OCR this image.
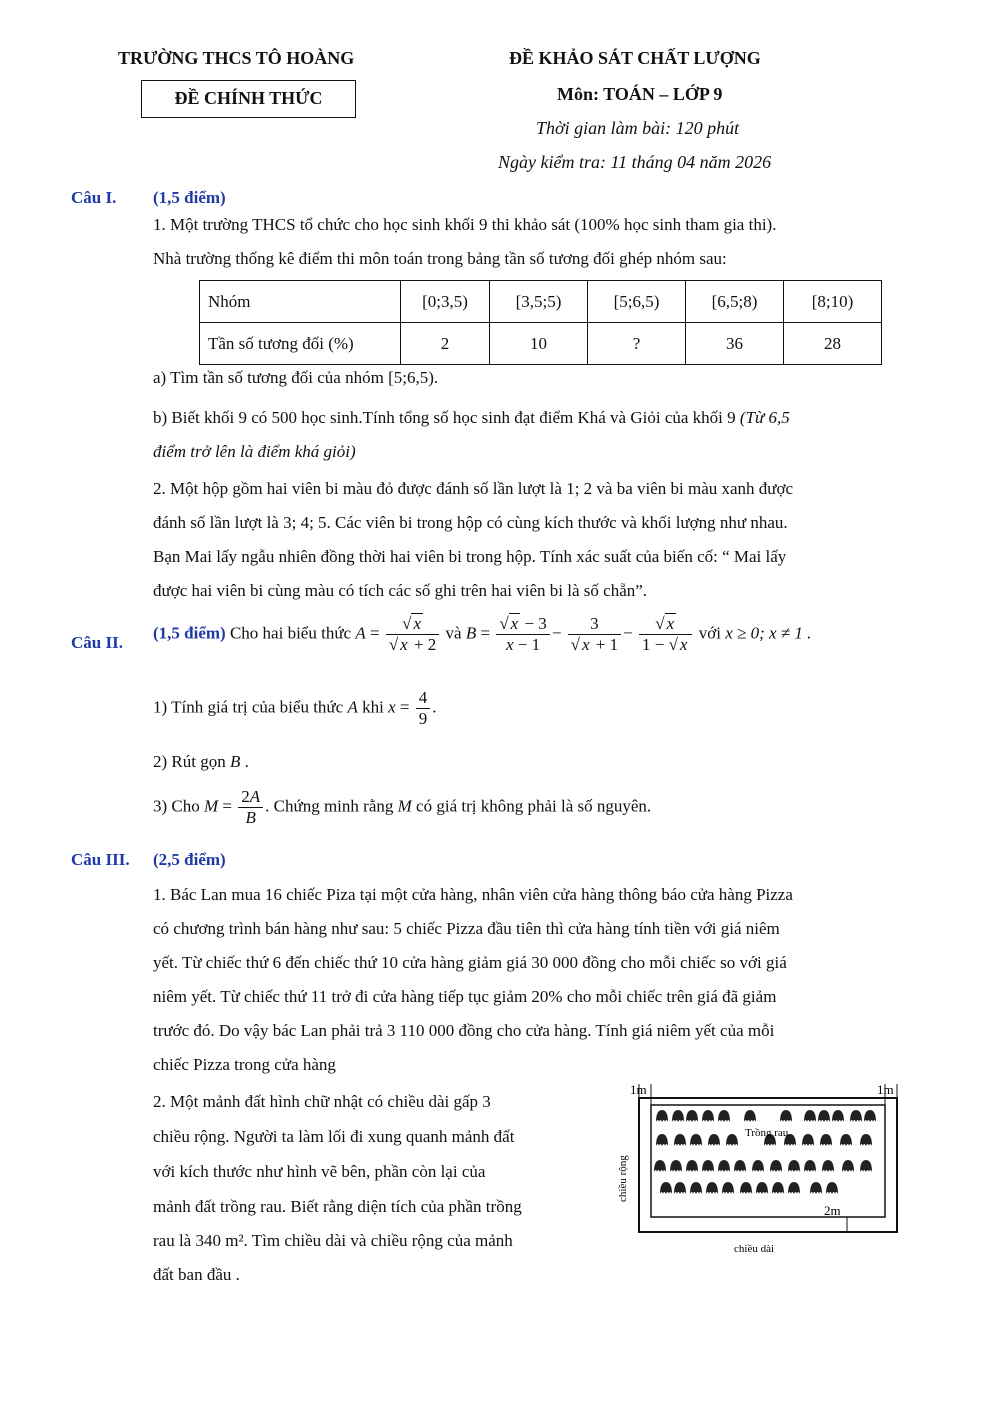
TRƯỜNG THCS TÔ HOÀNG
ĐỀ CHÍNH THỨC
ĐỀ KHẢO SÁT CHẤT LƯỢNG
Môn: TOÁN – LỚP 9
Thời gian làm bài: 120 phút
Ngày kiểm tra: 11 tháng 04 năm 2026
Câu I. (1,5 điểm)
1. Một trường THCS tổ chức cho học sinh khối 9 thi khảo sát (100% học sinh tham gia thi).
Nhà trường thống kê điểm thi môn toán trong bảng tần số tương đối ghép nhóm sau:
Nhóm	[0;3,5)	[3,5;5)	[5;6,5)	[6,5;8)	[8;10)
Tần số tương đối (%)	2	10	?	36	28
a) Tìm tần số tương đối của nhóm [5;6,5).
b) Biết khối 9 có 500 học sinh.Tính tổng số học sinh đạt điểm Khá và Giỏi của khối 9 (Từ 6,5
điểm trở lên là điểm khá giỏi)
2. Một hộp gồm hai viên bi màu đỏ được đánh số lần lượt là 1; 2 và ba viên bi màu xanh được
đánh số lần lượt là 3; 4; 5. Các viên bi trong hộp có cùng kích thước và khối lượng như nhau.
Bạn Mai lấy ngẫu nhiên đồng thời hai viên bi trong hộp. Tính xác suất của biến cố: “ Mai lấy
được hai viên bi cùng màu có tích các số ghi trên hai viên bi là số chẵn”.
Câu II.
(1,5 điểm) Cho hai biểu thức $A = \frac{√ x}{√ x + 2}$ và $B = \frac{√ x - 3}{x - 1} - \frac{3}{√ x + 1} - \frac{√ x}{1 - √ x}$ với x ≥ 0; x ≠ 1 .
1) Tính giá trị của biểu thức A khi $x = \frac{4}{9}$ .
2) Rút gọn B .
3) Cho $M = \frac{2A}{B}$ . Chứng minh rằng M có giá trị không phải là số nguyên.
Câu III. (2,5 điểm)
1. Bác Lan mua 16 chiếc Piza tại một cửa hàng, nhân viên cửa hàng thông báo cửa hàng Pizza
có chương trình bán hàng như sau: 5 chiếc Pizza đầu tiên thì cửa hàng tính tiền với giá niêm
yết. Từ chiếc thứ 6 đến chiếc thứ 10 cửa hàng giảm giá 30 000 đồng cho mỗi chiếc so với giá
niêm yết. Từ chiếc thứ 11 trở đi cửa hàng tiếp tục giảm 20% cho mỗi chiếc trên giá đã giảm
trước đó. Do vậy bác Lan phải trả 3 110 000 đồng cho cửa hàng. Tính giá niêm yết của mỗi
chiếc Pizza trong cửa hàng
2. Một mảnh đất hình chữ nhật có chiều dài gấp 3
chiều rộng. Người ta làm lối đi xung quanh mảnh đất
với kích thước như hình vẽ bên, phần còn lại của
mảnh đất trồng rau. Biết rằng diện tích của phần trồng
rau là 340 m². Tìm chiều dài và chiều rộng của mảnh
đất ban đầu .
1m	1m
2m
Trồng rau
chiều rộng
chiều dài
